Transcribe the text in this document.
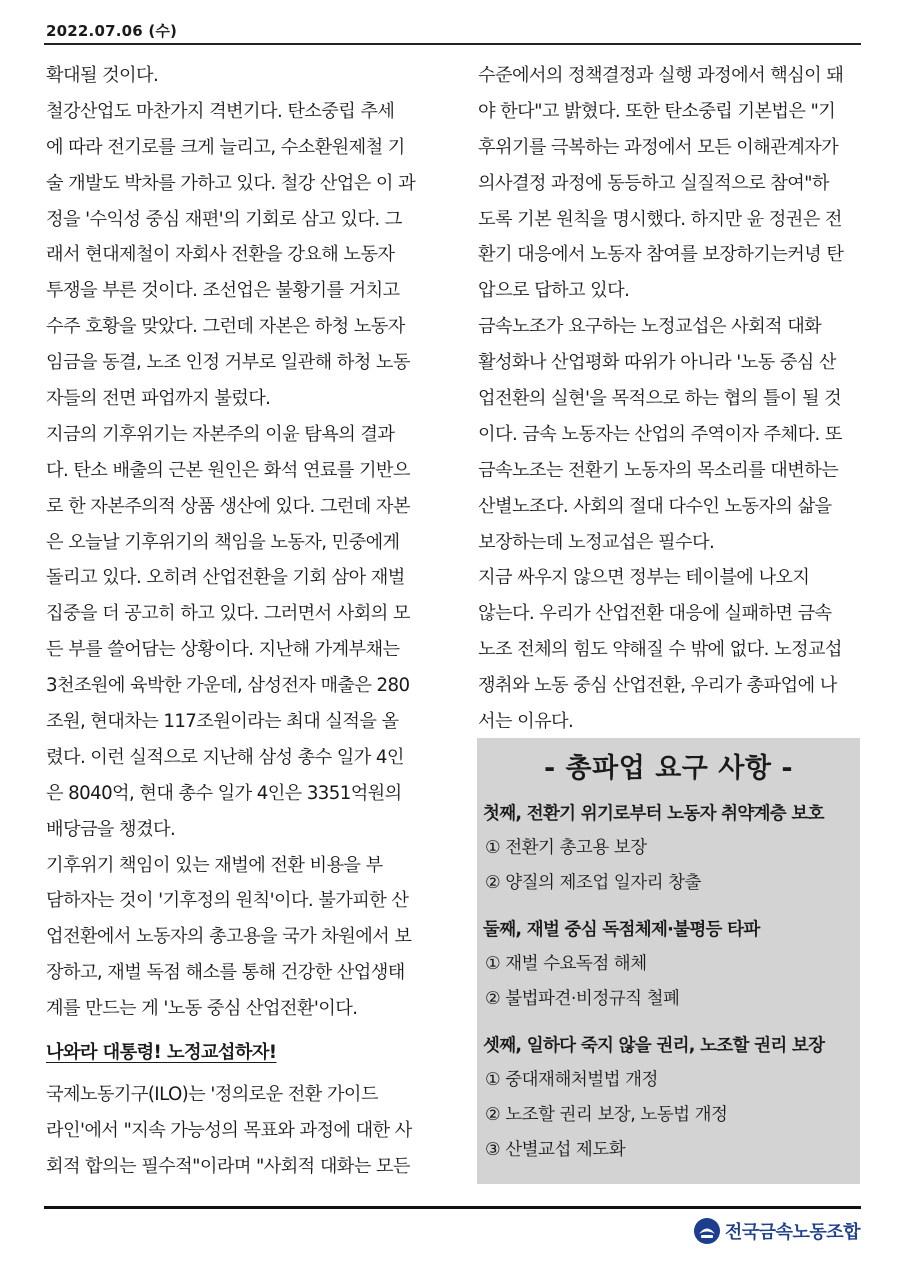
2022.07.06 (수)
확대될 것이다.
철강산업도 마찬가지 격변기다. 탄소중립 추세
에 따라 전기로를 크게 늘리고, 수소환원제철 기
술 개발도 박차를 가하고 있다. 철강 산업은 이 과
정을 '수익성 중심 재편'의 기회로 삼고 있다. 그
래서 현대제철이 자회사 전환을 강요해 노동자
투쟁을 부른 것이다. 조선업은 불황기를 거치고
수주 호황을 맞았다. 그런데 자본은 하청 노동자
임금을 동결, 노조 인정 거부로 일관해 하청 노동
자들의 전면 파업까지 불렀다.
지금의 기후위기는 자본주의 이윤 탐욕의 결과
다. 탄소 배출의 근본 원인은 화석 연료를 기반으
로 한 자본주의적 상품 생산에 있다. 그런데 자본
은 오늘날 기후위기의 책임을 노동자, 민중에게
돌리고 있다. 오히려 산업전환을 기회 삼아 재벌
집중을 더 공고히 하고 있다. 그러면서 사회의 모
든 부를 쓸어담는 상황이다. 지난해 가계부채는
3천조원에 육박한 가운데, 삼성전자 매출은 280
조원, 현대차는 117조원이라는 최대 실적을 올
렸다. 이런 실적으로 지난해 삼성 총수 일가 4인
은 8040억, 현대 총수 일가 4인은 3351억원의
배당금을 챙겼다.
기후위기 책임이 있는 재벌에 전환 비용을 부
담하자는 것이 '기후정의 원칙'이다. 불가피한 산
업전환에서 노동자의 총고용을 국가 차원에서 보
장하고, 재벌 독점 해소를 통해 건강한 산업생태
계를 만드는 게 '노동 중심 산업전환'이다.
나와라 대통령! 노정교섭하자!
국제노동기구(ILO)는 '정의로운 전환 가이드
라인'에서 "지속 가능성의 목표와 과정에 대한 사
회적 합의는 필수적"이라며 "사회적 대화는 모든
수준에서의 정책결정과 실행 과정에서 핵심이 돼
야 한다"고 밝혔다. 또한 탄소중립 기본법은 "기
후위기를 극복하는 과정에서 모든 이해관계자가
의사결정 과정에 동등하고 실질적으로 참여"하
도록 기본 원칙을 명시했다. 하지만 윤 정권은 전
환기 대응에서 노동자 참여를 보장하기는커녕 탄
압으로 답하고 있다.
금속노조가 요구하는 노정교섭은 사회적 대화
활성화나 산업평화 따위가 아니라 '노동 중심 산
업전환의 실현'을 목적으로 하는 협의 틀이 될 것
이다. 금속 노동자는 산업의 주역이자 주체다. 또
금속노조는 전환기 노동자의 목소리를 대변하는
산별노조다. 사회의 절대 다수인 노동자의 삶을
보장하는데 노정교섭은 필수다.
지금 싸우지 않으면 정부는 테이블에 나오지
않는다. 우리가 산업전환 대응에 실패하면 금속
노조 전체의 힘도 약해질 수 밖에 없다. 노정교섭
쟁취와 노동 중심 산업전환, 우리가 총파업에 나
서는 이유다.
- 총파업 요구 사항 -
첫째, 전환기 위기로부터 노동자 취약계층 보호
① 전환기 총고용 보장
② 양질의 제조업 일자리 창출
둘째, 재벌 중심 독점체제·불평등 타파
① 재벌 수요독점 해체
② 불법파견·비정규직 철폐
셋째, 일하다 죽지 않을 권리, 노조할 권리 보장
① 중대재해처벌법 개정
② 노조할 권리 보장, 노동법 개정
③ 산별교섭 제도화
전국금속노동조합
